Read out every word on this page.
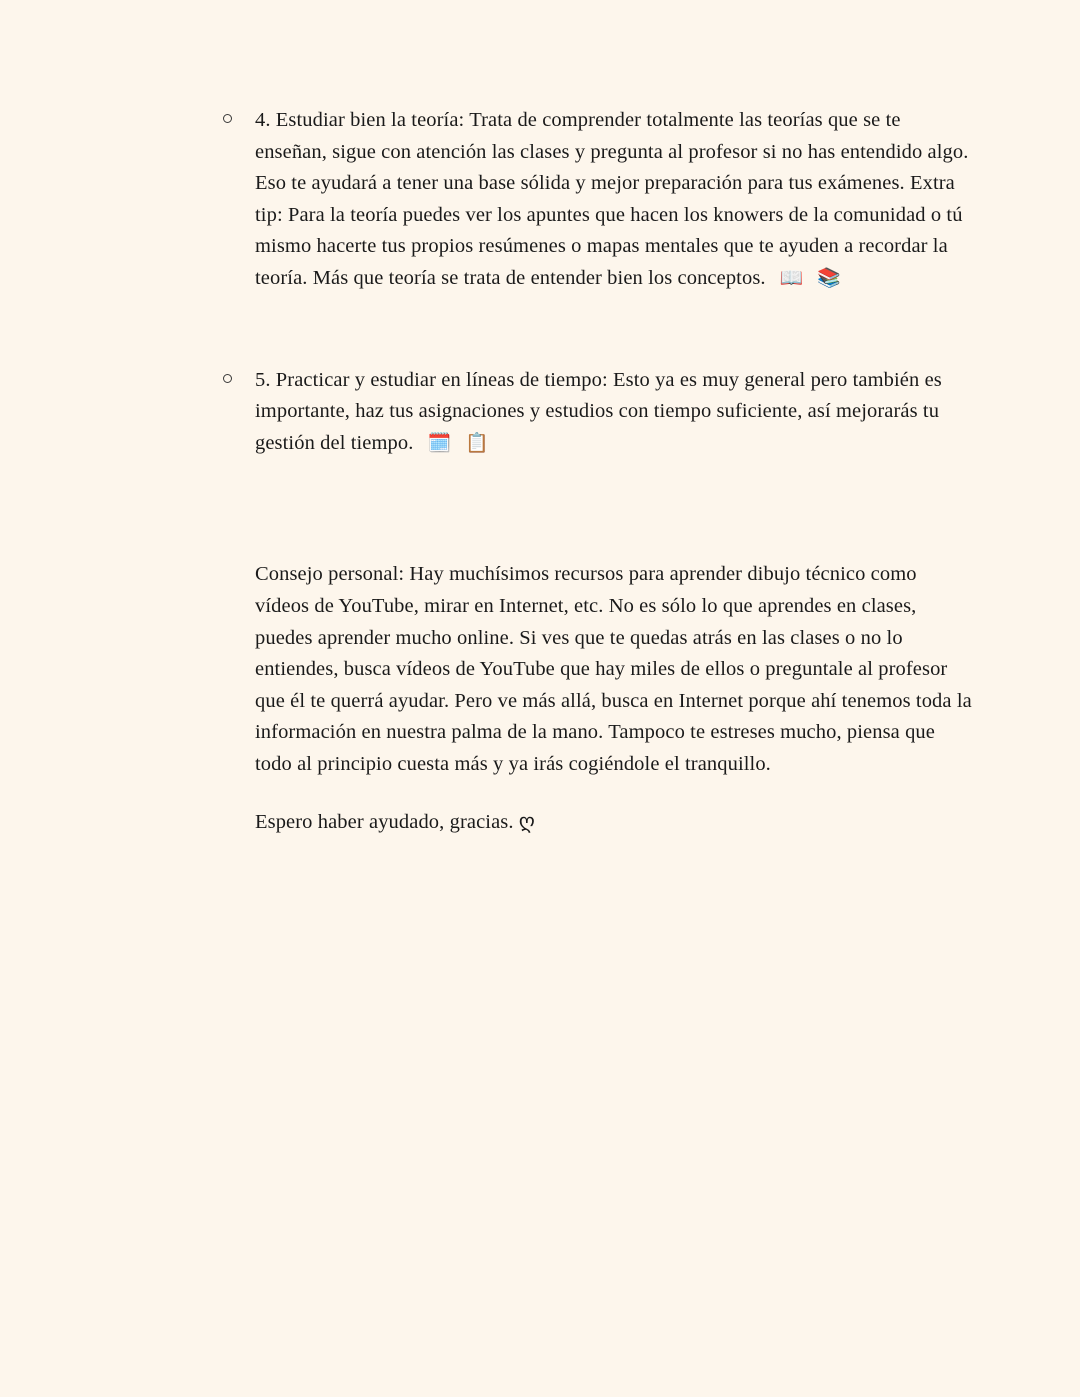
4. Estudiar bien la teoría: Trata de comprender totalmente las teorías que se te enseñan, sigue con atención las clases y pregunta al profesor si no has entendido algo. Eso te ayudará a tener una base sólida y mejor preparación para tus exámenes. Extra tip: Para la teoría puedes ver los apuntes que hacen los knowers de la comunidad o tú mismo hacerte tus propios resúmenes o mapas mentales que te ayuden a recordar la teoría. Más que teoría se trata de entender bien los conceptos. 📖 📚

5. Practicar y estudiar en líneas de tiempo: Esto ya es muy general pero también es importante, haz tus asignaciones y estudios con tiempo suficiente, así mejorarás tu gestión del tiempo. 🗓️ 📋

Consejo personal: Hay muchísimos recursos para aprender dibujo técnico como vídeos de YouTube, mirar en Internet, etc. No es sólo lo que aprendes en clases, puedes aprender mucho online. Si ves que te quedas atrás en las clases o no lo entiendes, busca vídeos de YouTube que hay miles de ellos o preguntale al profesor que él te querrá ayudar. Pero ve más allá, busca en Internet porque ahí tenemos toda la información en nuestra palma de la mano. Tampoco te estreses mucho, piensa que todo al principio cuesta más y ya irás cogiéndole el tranquillo.

Espero haber ayudado, gracias. ღ
